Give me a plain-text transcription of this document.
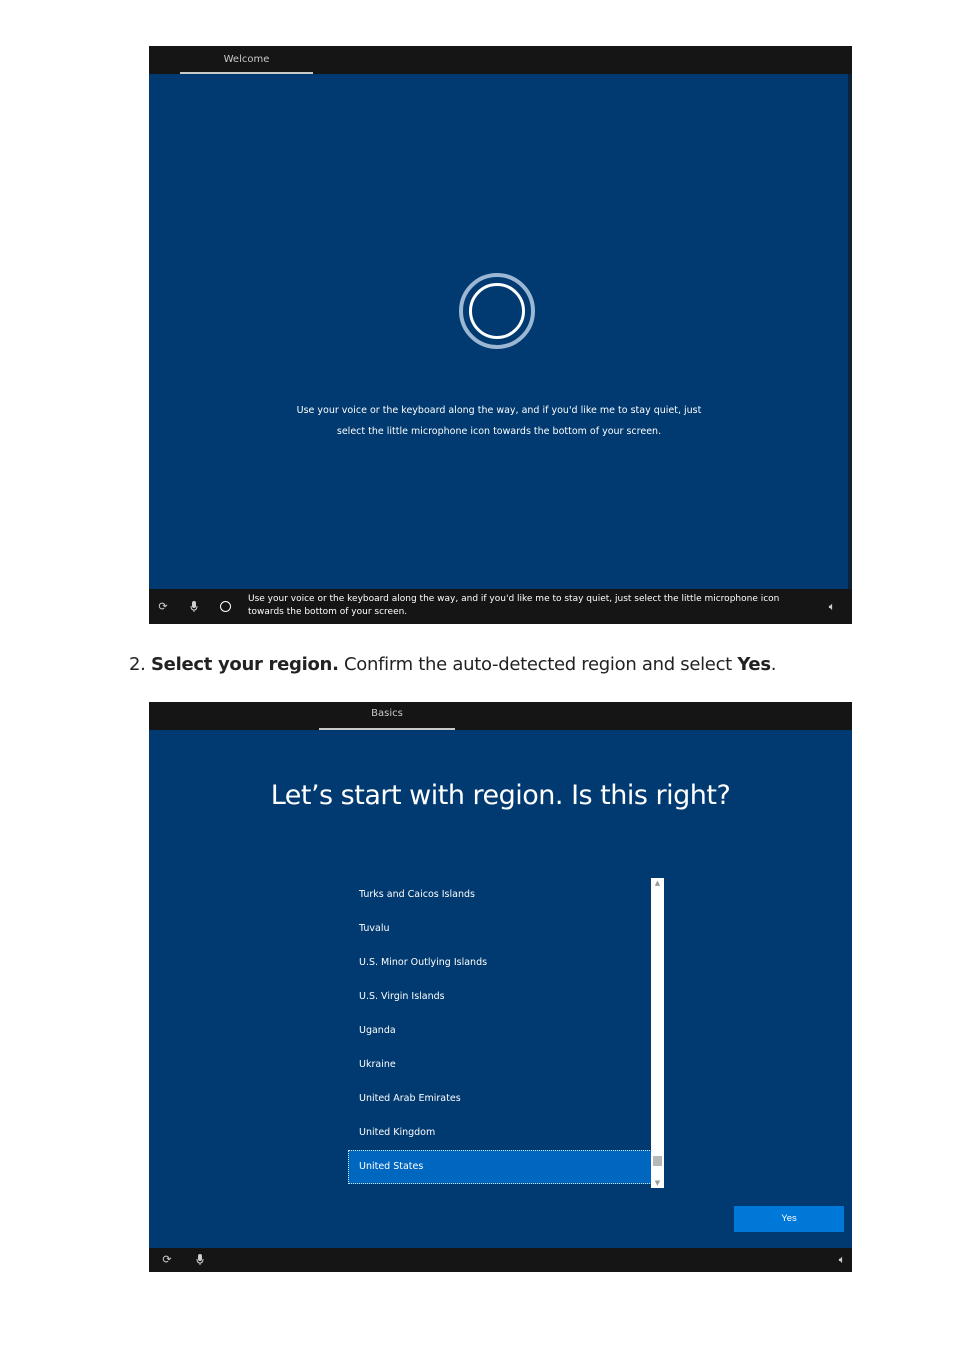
Welcome
Use your voice or the keyboard along the way, and if you'd like me to stay quiet, just
select the little microphone icon towards the bottom of your screen.
⟳
Use your voice or the keyboard along the way, and if you'd like me to stay quiet, just select the little microphone icon towards the bottom of your screen.	🔈︎
2. Select your region. Confirm the auto-detected region and select Yes.
Basics
Let’s start with region. Is this right?
Turks and Caicos Islands
Tuvalu
U.S. Minor Outlying Islands
U.S. Virgin Islands
Uganda
Ukraine
United Arab Emirates
United Kingdom
United States
▲
▼
Yes
⟳	🔈︎
